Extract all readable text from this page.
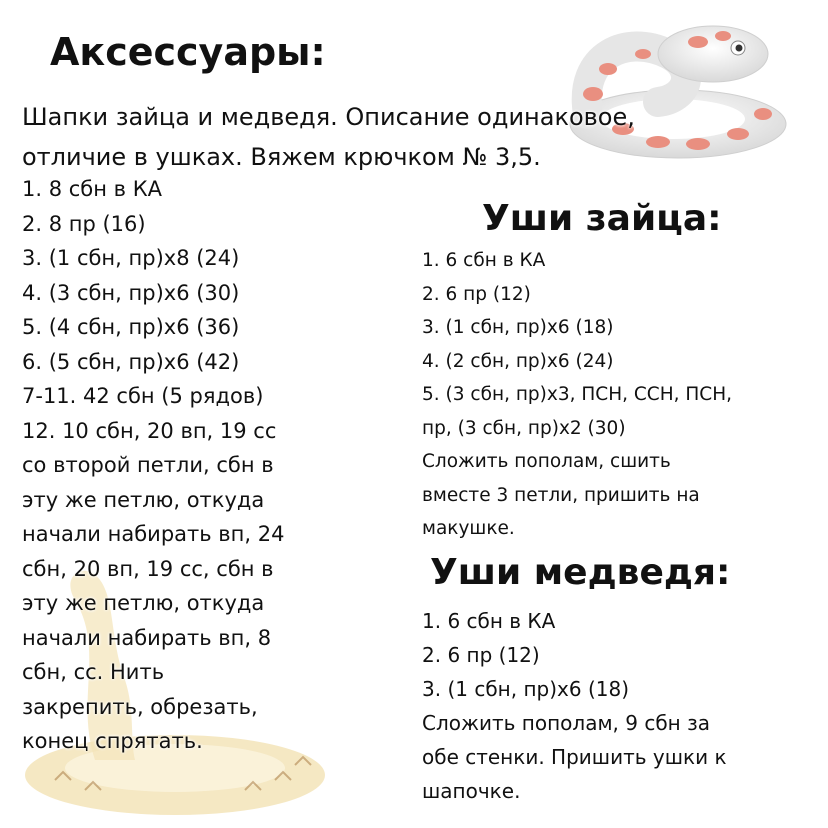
Аксессуары:
Шапки зайца и медведя. Описание одинаковое,
отличие в ушках. Вяжем крючком № 3,5.
1. 8 сбн в КА
2. 8 пр (16)
3. (1 сбн, пр)х8 (24)
4. (3 сбн, пр)х6 (30)
5. (4 сбн, пр)х6 (36)
6. (5 сбн, пр)х6 (42)
7-11. 42 сбн (5 рядов)
12. 10 сбн, 20 вп, 19 сс
со второй петли, сбн в
эту же петлю, откуда
начали набирать вп, 24
сбн, 20 вп, 19 сс, сбн в
эту же петлю, откуда
начали набирать вп, 8
сбн, сс. Нить
закрепить, обрезать,
конец спрятать.
Уши зайца:
1. 6 сбн в КА
2. 6 пр (12)
3. (1 сбн, пр)х6 (18)
4. (2 сбн, пр)х6 (24)
5. (3 сбн, пр)х3, ПСН, ССН, ПСН,
пр, (3 сбн, пр)х2 (30)
Сложить пополам, сшить
вместе 3 петли, пришить на
макушке.
Уши медведя:
1. 6 сбн в КА
2. 6 пр (12)
3. (1 сбн, пр)х6 (18)
Сложить пополам, 9 сбн за
обе стенки. Пришить ушки к
шапочке.
